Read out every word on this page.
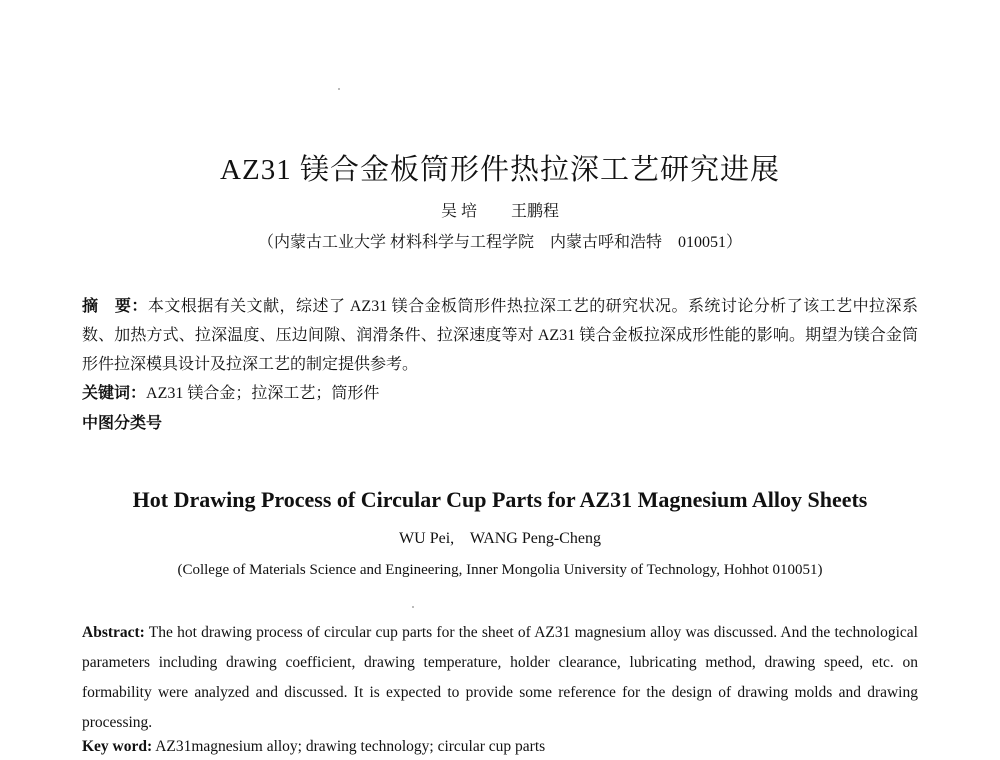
AZ31 镁合金板筒形件热拉深工艺研究进展
吴 培 王鹏程
（内蒙古工业大学 材料科学与工程学院　内蒙古呼和浩特　010051）
摘　要：本文根据有关文献，综述了 AZ31 镁合金板筒形件热拉深工艺的研究状况。系统讨论分析了该工艺中拉深系数、加热方式、拉深温度、压边间隙、润滑条件、拉深速度等对 AZ31 镁合金板拉深成形性能的影响。期望为镁合金筒形件拉深模具设计及拉深工艺的制定提供参考。
关键词：AZ31 镁合金；拉深工艺；筒形件
中图分类号
Hot Drawing Process of Circular Cup Parts for AZ31 Magnesium Alloy Sheets
WU Pei,    WANG Peng-Cheng
(College of Materials Science and Engineering, Inner Mongolia University of Technology, Hohhot 010051)
Abstract: The hot drawing process of circular cup parts for the sheet of AZ31 magnesium alloy was discussed. And the technological parameters including drawing coefficient, drawing temperature, holder clearance, lubricating method, drawing speed, etc. on formability were analyzed and discussed. It is expected to provide some reference for the design of drawing molds and drawing processing.
Key word: AZ31magnesium alloy; drawing technology; circular cup parts
